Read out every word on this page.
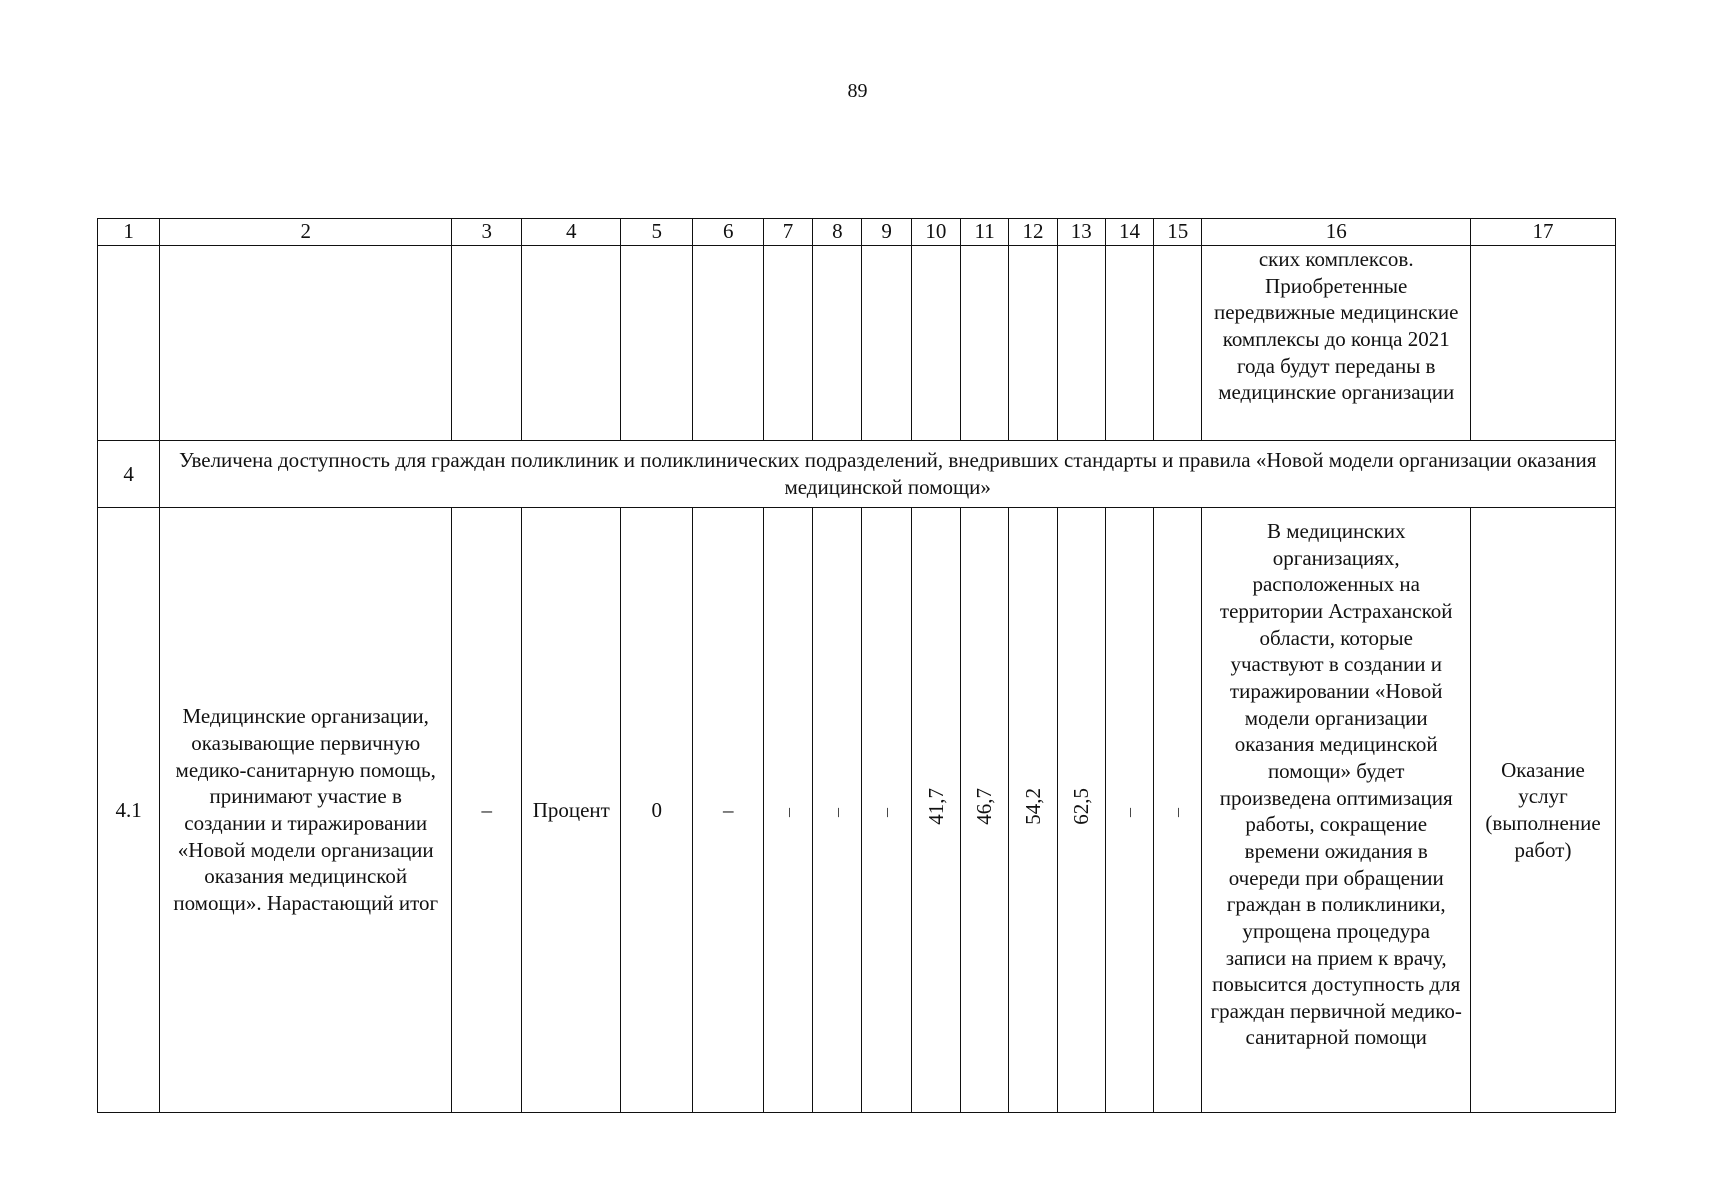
89
1	2	3	4	5	6	7	8	9	10	11	12	13	14	15	16	17
															ских комплексов. Приобретенные передвижные медицинские комплексы до конца 2021 года будут переданы в медицинские организации	
4	Увеличена доступность для граждан поликлиник и поликлинических подразделений, внедривших стандарты и правила «Новой модели организации оказания медицинской помощи»															
4.1	Медицинские организации, оказывающие первичную медико-санитарную помощь, принимают участие в создании и тиражировании «Новой модели организации оказания медицинской помощи». Нарастающий итог	–	Процент	0	–	–	–	–	41,7	46,7	54,2	62,5	–	–	В медицинских организациях, расположенных на территории Астраханской области, которые участвуют в создании и тиражировании «Новой модели организации оказания медицинской помощи» будет произведена оптимизация работы, сокращение времени ожидания в очереди при обращении граждан в поликлиники, упрощена процедура записи на прием к врачу, повысится доступность для граждан первичной медико-санитарной помощи	Оказание услуг (выполнение работ)
